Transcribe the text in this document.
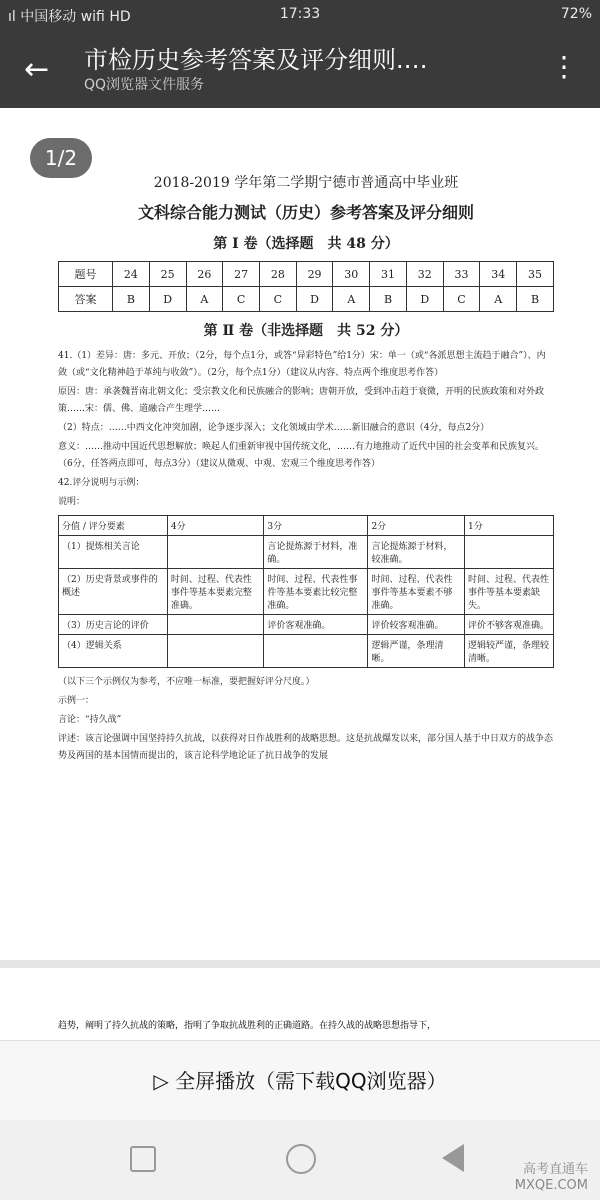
ıl 中国移动 wifi HD	17:33	72%
← 市检历史参考答案及评分细则.…
QQ浏览器文件服务
⋮
2018-2019 学年第二学期宁德市普通高中毕业班
文科综合能力测试（历史）参考答案及评分细则
第 Ⅰ 卷（选择题　共 48 分）
题号	24	25	26	27	28	29	30	31	32	33	34	35
答案	B	D	A	C	C	D	A	B	D	C	A	B
第 Ⅱ 卷（非选择题　共 52 分）
41.（1）差异：唐：多元、开放；（2分，每个点1分，或答“异彩特色”给1分）宋：单一（或“各派思想主流趋于融合”）、内敛（或“文化精神趋于革纯与收敛”）。（2分，每个点1分）（建议从内容、特点两个维度思考作答）
原因：唐：承袭魏晋南北朝文化；受宗教文化和民族融合的影响；唐朝开放，受到冲击趋于衰微，开明的民族政策和对外政策……宋：儒、佛、道融合产生理学……
（2）特点：……中西文化冲突加剧，论争逐步深入；文化领域由学术……新旧融合的意识（4分，每点2分）
意义：……推动中国近代思想解放；唤起人们重新审视中国传统文化，……有力地推动了近代中国的社会变革和民族复兴。（6分，任答两点即可，每点3分）（建议从微观、中观、宏观三个维度思考作答）
42.评分说明与示例：
说明：
分值 / 评分要素	4分	3分	2分	1分
（1）提炼相关言论		言论提炼源于材料，准确。	言论提炼源于材料，较准确。	
（2）历史背景或事件的概述	时间、过程、代表性事件等基本要素完整准确。	时间、过程、代表性事件等基本要素比较完整准确。	时间、过程、代表性事件等基本要素不够准确。	时间、过程、代表性事件等基本要素缺失。
（3）历史言论的评价		评价客观准确。	评价较客观准确。	评价不够客观准确。
（4）逻辑关系			逻辑严谨，条理清晰。	逻辑较严谨，条理较清晰。
（以下三个示例仅为参考，不应唯一标准，要把握好评分尺度。）
示例一：
言论：“持久战”
评述：该言论强调中国坚持持久抗战，以获得对日作战胜利的战略思想。这是抗战爆发以来，部分国人基于中日双方的战争态势及两国的基本国情而提出的，该言论科学地论证了抗日战争的发展
1/2
趋势，阐明了持久抗战的策略，指明了争取抗战胜利的正确道路。在持久战的战略思想指导下，
▷ 全屏播放（需下载QQ浏览器）
高考直通车
MXQE.COM
